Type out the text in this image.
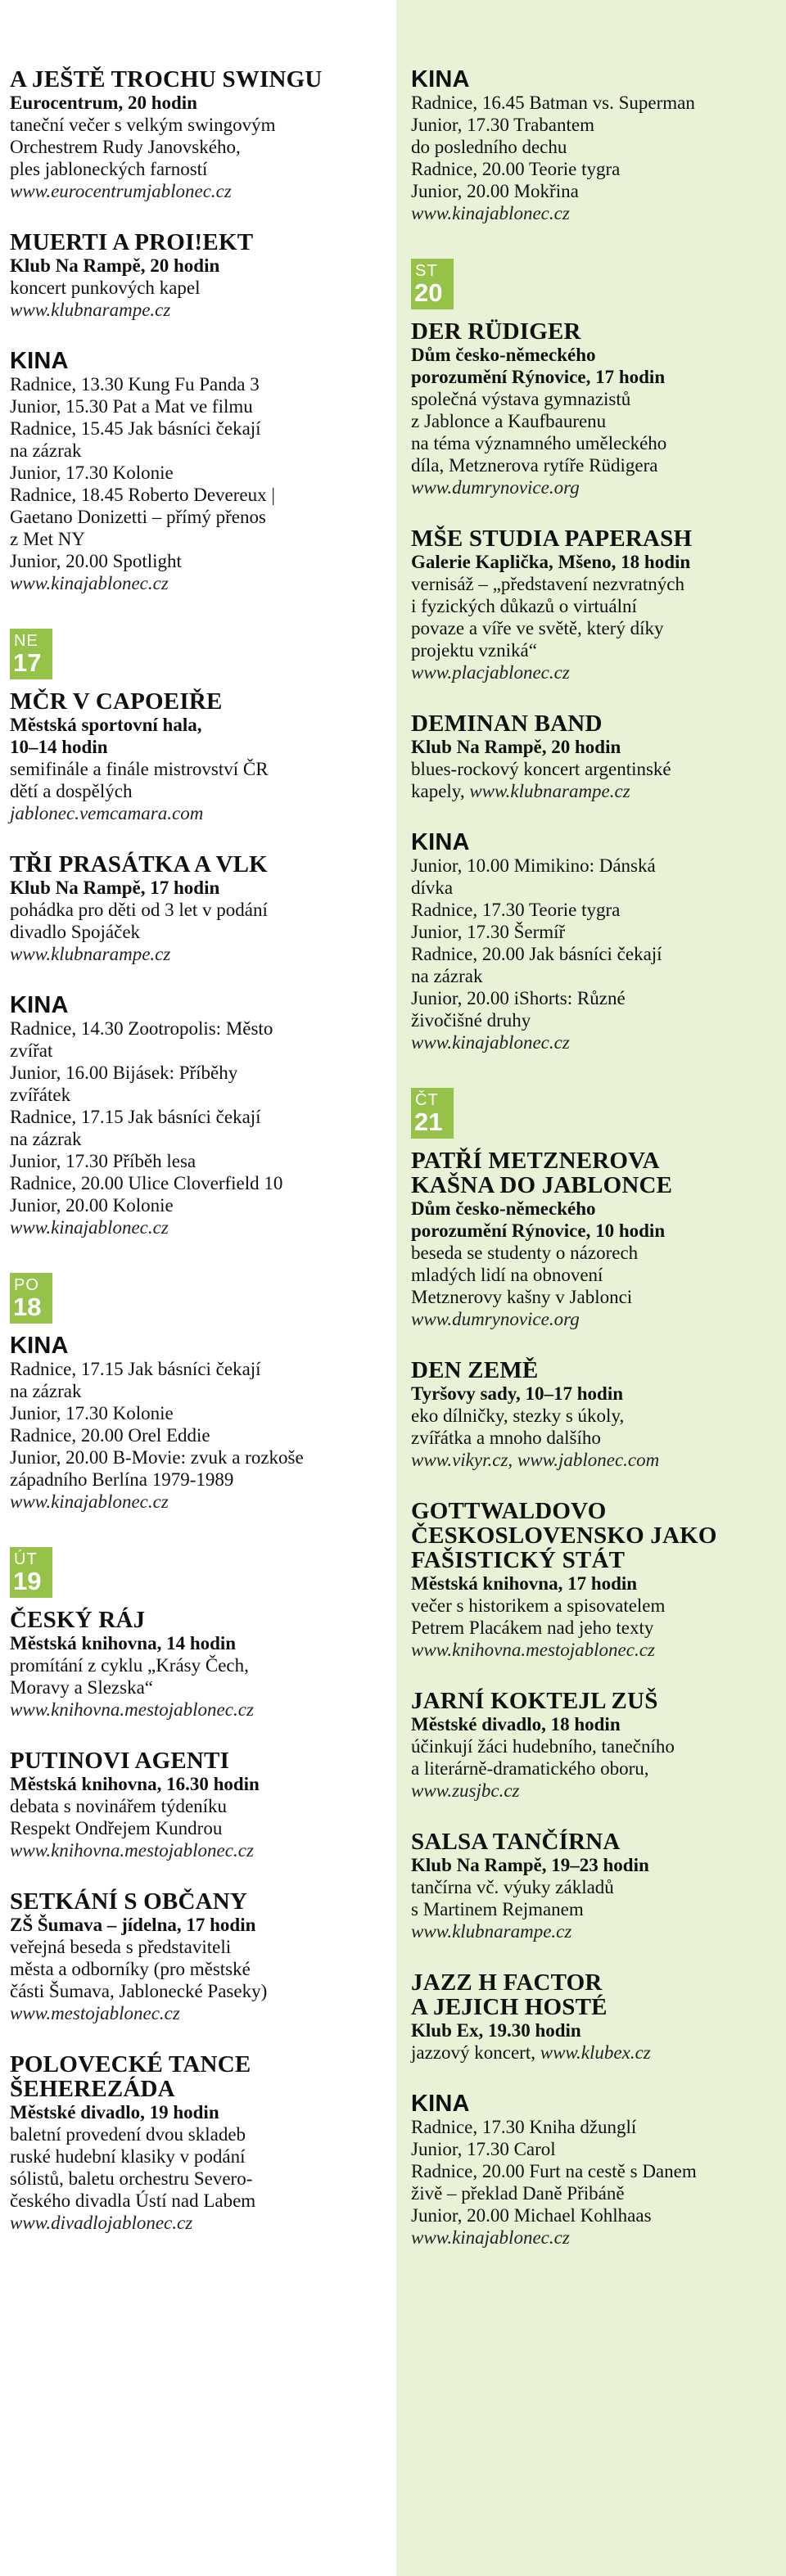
A JEŠTĚ TROCHU SWINGU

Eurocentrum, 20 hodin

taneční večer s velkým swingovým

Orchestrem Rudy Janovského,

ples jabloneckých farností

www.eurocentrumjablonec.cz

MUERTI A PROI!EKT

Klub Na Rampě, 20 hodin

koncert punkových kapel

www.klubnarampe.cz

KINA

Radnice, 13.30 Kung Fu Panda 3

Junior, 15.30 Pat a Mat ve filmu

Radnice, 15.45 Jak básníci čekají

na zázrak

Junior, 17.30 Kolonie

Radnice, 18.45 Roberto Devereux |

Gaetano Donizetti – přímý přenos

z Met NY

Junior, 20.00 Spotlight

www.kinajablonec.cz

NE
17

MČR V CAPOEIŘE

Městská sportovní hala,

10–14 hodin

semifinále a finále mistrovství ČR

dětí a dospělých

jablonec.vemcamara.com

TŘI PRASÁTKA A VLK

Klub Na Rampě, 17 hodin

pohádka pro děti od 3 let v podání

divadlo Spojáček

www.klubnarampe.cz

KINA

Radnice, 14.30 Zootropolis: Město

zvířat

Junior, 16.00 Bijásek: Příběhy

zvířátek

Radnice, 17.15 Jak básníci čekají

na zázrak

Junior, 17.30 Příběh lesa

Radnice, 20.00 Ulice Cloverfield 10

Junior, 20.00 Kolonie

www.kinajablonec.cz

PO
18

KINA

Radnice, 17.15 Jak básníci čekají

na zázrak

Junior, 17.30 Kolonie

Radnice, 20.00 Orel Eddie

Junior, 20.00 B-Movie: zvuk a rozkoše

západního Berlína 1979-1989

www.kinajablonec.cz

ÚT
19

ČESKÝ RÁJ

Městská knihovna, 14 hodin

promítání z cyklu „Krásy Čech,

Moravy a Slezska“

www.knihovna.mestojablonec.cz

PUTINOVI AGENTI

Městská knihovna, 16.30 hodin

debata s novinářem týdeníku

Respekt Ondřejem Kundrou

www.knihovna.mestojablonec.cz

SETKÁNÍ S OBČANY

ZŠ Šumava – jídelna, 17 hodin

veřejná beseda s představiteli

města a odborníky (pro městské

části Šumava, Jablonecké Paseky)

www.mestojablonec.cz

POLOVECKÉ TANCE

ŠEHEREZÁDA

Městské divadlo, 19 hodin

baletní provedení dvou skladeb

ruské hudební klasiky v podání

sólistů, baletu orchestru Severo-

českého divadla Ústí nad Labem

www.divadlojablonec.cz

KINA

Radnice, 16.45 Batman vs. Superman

Junior, 17.30 Trabantem

do posledního dechu

Radnice, 20.00 Teorie tygra

Junior, 20.00 Mokřina

www.kinajablonec.cz

ST
20

DER RÜDIGER

Dům česko-německého

porozumění Rýnovice, 17 hodin

společná výstava gymnazistů

z Jablonce a Kaufbaurenu

na téma významného uměleckého

díla, Metznerova rytíře Rüdigera

www.dumrynovice.org

MŠE STUDIA PAPERASH

Galerie Kaplička, Mšeno, 18 hodin

vernisáž – „představení nezvratných

i fyzických důkazů o virtuální

povaze a víře ve světě, který díky

projektu vzniká“

www.placjablonec.cz

DEMINAN BAND

Klub Na Rampě, 20 hodin

blues-rockový koncert argentinské

kapely, www.klubnarampe.cz

KINA

Junior, 10.00 Mimikino: Dánská

dívka

Radnice, 17.30 Teorie tygra

Junior, 17.30 Šermíř

Radnice, 20.00 Jak básníci čekají

na zázrak

Junior, 20.00 iShorts: Různé

živočišné druhy

www.kinajablonec.cz

ČT
21

PATŘÍ METZNEROVA

KAŠNA DO JABLONCE

Dům česko-německého

porozumění Rýnovice, 10 hodin

beseda se studenty o názorech

mladých lidí na obnovení

Metznerovy kašny v Jablonci

www.dumrynovice.org

DEN ZEMĚ

Tyršovy sady, 10–17 hodin

eko dílničky, stezky s úkoly,

zvířátka a mnoho dalšího

www.vikyr.cz, www.jablonec.com

GOTTWALDOVO

ČESKOSLOVENSKO JAKO

FAŠISTICKÝ STÁT

Městská knihovna, 17 hodin

večer s historikem a spisovatelem

Petrem Placákem nad jeho texty

www.knihovna.mestojablonec.cz

JARNÍ KOKTEJL ZUŠ

Městské divadlo, 18 hodin

účinkují žáci hudebního, tanečního

a literárně-dramatického oboru,

www.zusjbc.cz

SALSA TANČÍRNA

Klub Na Rampě, 19–23 hodin

tančírna vč. výuky základů

s Martinem Rejmanem

www.klubnarampe.cz

JAZZ H FACTOR

A JEJICH HOSTÉ

Klub Ex, 19.30 hodin

jazzový koncert, www.klubex.cz

KINA

Radnice, 17.30 Kniha džunglí

Junior, 17.30 Carol

Radnice, 20.00 Furt na cestě s Danem

živě – překlad Daně Přibáně

Junior, 20.00 Michael Kohlhaas

www.kinajablonec.cz
